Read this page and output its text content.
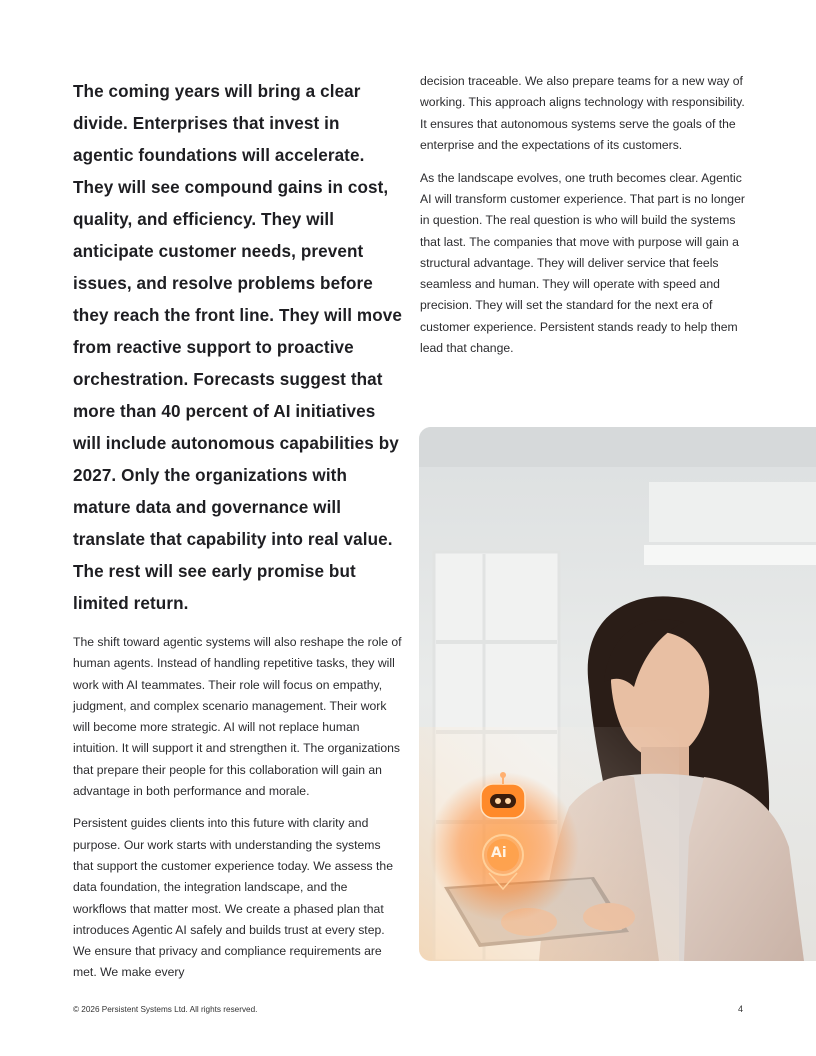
The coming years will bring a clear divide. Enterprises that invest in agentic foundations will accelerate. They will see compound gains in cost, quality, and efficiency. They will anticipate customer needs, prevent issues, and resolve problems before they reach the front line. They will move from reactive support to proactive orchestration. Forecasts suggest that more than 40 percent of AI initiatives will include autonomous capabilities by 2027. Only the organizations with mature data and governance will translate that capability into real value. The rest will see early promise but limited return.

The shift toward agentic systems will also reshape the role of human agents. Instead of handling repetitive tasks, they will work with AI teammates. Their role will focus on empathy, judgment, and complex scenario management. Their work will become more strategic. AI will not replace human intuition. It will support it and strengthen it. The organizations that prepare their people for this collaboration will gain an advantage in both performance and morale.

Persistent guides clients into this future with clarity and purpose. Our work starts with understanding the systems that support the customer experience today. We assess the data foundation, the integration landscape, and the workflows that matter most. We create a phased plan that introduces Agentic AI safely and builds trust at every step. We ensure that privacy and compliance requirements are met. We make every

decision traceable. We also prepare teams for a new way of working. This approach aligns technology with responsibility. It ensures that autonomous systems serve the goals of the enterprise and the expectations of its customers.

As the landscape evolves, one truth becomes clear. Agentic AI will transform customer experience. That part is no longer in question. The real question is who will build the systems that last. The companies that move with purpose will gain a structural advantage. They will deliver service that feels seamless and human. They will operate with speed and precision. They will set the standard for the next era of customer experience. Persistent stands ready to help them lead that change.

Ai
© 2026 Persistent Systems Ltd. All rights reserved.	4
